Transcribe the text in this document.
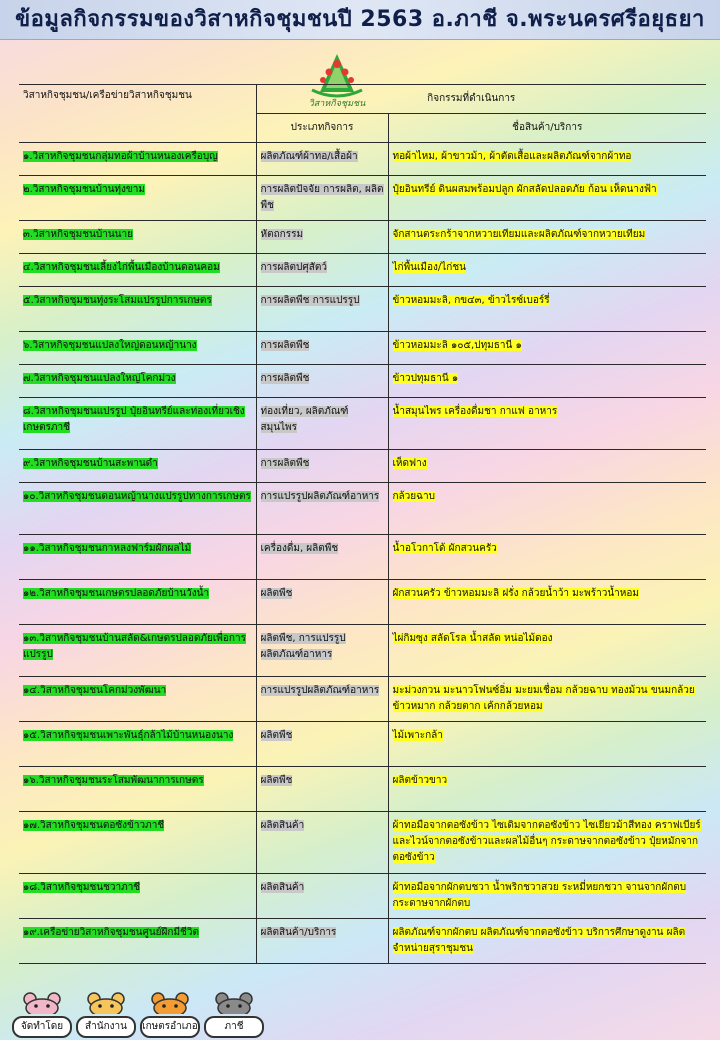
ข้อมูลกิจกรรมของวิสาหกิจชุมชนปี 2563 อ.ภาชี จ.พระนครศรีอยุธยา
วิสาหกิจชุมชน
วิสาหกิจชุมชน/เครือข่ายวิสาหกิจชุมชน	กิจกรรมที่ดำเนินการ	
	ประเภทกิจการ	ชื่อสินค้า/บริการ
๑.วิสาหกิจชุมชนกลุ่มทอผ้าบ้านหนองเครือบุญ	ผลิตภัณฑ์ผ้าทอ/เสื้อผ้า	ทอผ้าไหม, ผ้าขาวม้า, ผ้าตัดเสื้อและผลิตภัณฑ์จากผ้าทอ
๒.วิสาหกิจชุมชนบ้านทุ่งขาม	การผลิตปัจจัย การผลิต, ผลิตพืช	ปุ๋ยอินทรีย์ ดินผสมพร้อมปลูก ผักสลัดปลอดภัย ก้อน เห็ดนางฟ้า
๓.วิสาหกิจชุมชนบ้านนาย	หัตถกรรม	จักสานตระกร้าจากหวายเทียมและผลิตภัณฑ์จากหวายเทียม
๔.วิสาหกิจชุมชนเลี้ยงไก่พื้นเมืองบ้านดอนคอม	การผลิตปศุสัตว์	ไก่พื้นเมือง/ไก่ชน
๕.วิสาหกิจชุมชนทุ่งระโสมแปรรูปการเกษตร	การผลิตพืช การแปรรูป	ข้าวหอมมะลิ, กข๔๓, ข้าวไรซ์เบอร์รี่
๖.วิสาหกิจชุมชนแปลงใหญ่ดอนหญ้านาง	การผลิตพืช	ข้าวหอมมะลิ ๑๐๕,ปทุมธานี ๑
๗.วิสาหกิจชุมชนแปลงใหญ่โคกม่วง	การผลิตพืช	ข้าวปทุมธานี ๑
๘.วิสาหกิจชุมชนแปรรูป ปุ๋ยอินทรีย์และท่องเที่ยวเชิงเกษตรภาชี	ท่องเที่ยว, ผลิตภัณฑ์สมุนไพร	น้ำสมุนไพร เครื่องดื่มชา กาแฟ อาหาร
๙.วิสาหกิจชุมชนบ้านสะพานดำ	การผลิตพืช	เห็ดฟาง
๑๐.วิสาหกิจชุมชนดอนหญ้านางแปรรูปทางการเกษตร	การแปรรูปผลิตภัณฑ์อาหาร	กล้วยฉาบ
๑๑.วิสาหกิจชุมชนกาหลงฟาร์มผักผลไม้	เครื่องดื่ม, ผลิตพืช	น้ำอโวกาโด้ ผักสวนครัว
๑๒.วิสาหกิจชุมชนเกษตรปลอดภัยบ้านวังน้ำ	ผลิตพืช	ผักสวนครัว ข้าวหอมมะลิ ฝรั่ง กล้วยน้ำว้า มะพร้าวน้ำหอม
๑๓.วิสาหกิจชุมชนบ้านสลัด&เกษตรปลอดภัยเพื่อการแปรรูป	ผลิตพืช, การแปรรูปผลิตภัณฑ์อาหาร	ไผ่กิมซุง สลัดโรล น้ำสลัด หน่อไม้ดอง
๑๔.วิสาหกิจชุมชนโคกม่วงพัฒนา	การแปรรูปผลิตภัณฑ์อาหาร	มะม่วงกวน มะนาวโฟนซ์อิ่ม มะยมเชื่อม กล้วยฉาบ ทองม้วน ขนมกล้วย ข้าวหมาก กล้วยตาก เค้กกล้วยหอม
๑๕.วิสาหกิจชุมชนเพาะพันธุ์กล้าไม้บ้านหนองนาง	ผลิตพืช	ไม้เพาะกล้า
๑๖.วิสาหกิจชุมชนระโสมพัฒนาการเกษตร	ผลิตพืช	ผลิตข้าวขาว
๑๗.วิสาหกิจชุมชนตอซังข้าวภาชี	ผลิตสินค้า	ผ้าทอมือจากตอซังข้าว ไซเดิมจากตอซังข้าว ไซเยียวม้าสีทอง คราฟเบียร์และไวน์จากตอซังข้าวและผลไม้อื่นๆ กระดาษจากตอซังข้าว ปุ๋ยหมักจากตอซังข้าว
๑๘.วิสาหกิจชุมชนชวาภาชี	ผลิตสินค้า	ผ้าทอมือจากผักตบชวา น้ำพริกชวาสวย ระหมี่หยกชวา จานจากผักตบ กระดาษจากผักตบ
๑๙.เครือข่ายวิสาหกิจชุมชนศูนย์ฝึกมีชีวิต	ผลิตสินค้า/บริการ	ผลิตภัณฑ์จากผักตบ ผลิตภัณฑ์จากตอซังข้าว บริการศึกษาดูงาน ผลิตจำหน่ายสุราชุมชน
จัดทำโดย	สำนักงาน	เกษตรอำเภอ	ภาชี
